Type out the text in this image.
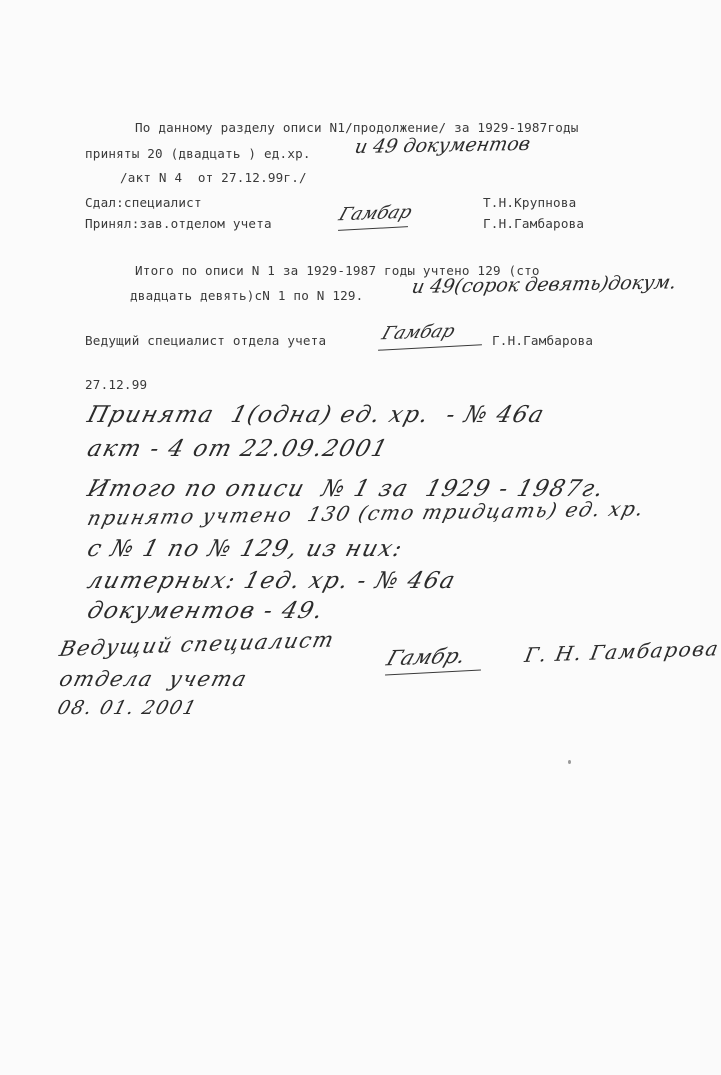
По данному разделу описи N1/продолжение/ за 1929-1987годы
приняты 20 (двадцать ) ед.хр. и 49 документов
/акт N 4  от 27.12.99г./
Сдал:специалист	Т.Н.Крупнова
Принял:зав.отделом учета	Гамбар	Г.Н.Гамбарова
Итого по описи N 1 за 1929-1987 годы учтено 129 (сто
двадцать девять)cN 1 по N 129. и 49(сорок девять)докум.
Ведущий специалист отдела учета	Гамбар	Г.Н.Гамбарова
27.12.99
Принята  1(одна) ед. хр.  - № 46а
акт - 4 от 22.09.2001
Итого по описи  № 1 за  1929 - 1987г.
принято учтено  130 (сто тридцать) ед. хр.
с № 1 по № 129, из них:
литерных: 1ед. хр. - № 46а
документов - 49.
Ведущий специалист
отдела  учета
08. 01. 2001
Гамбр.	Г. Н. Гамбарова
